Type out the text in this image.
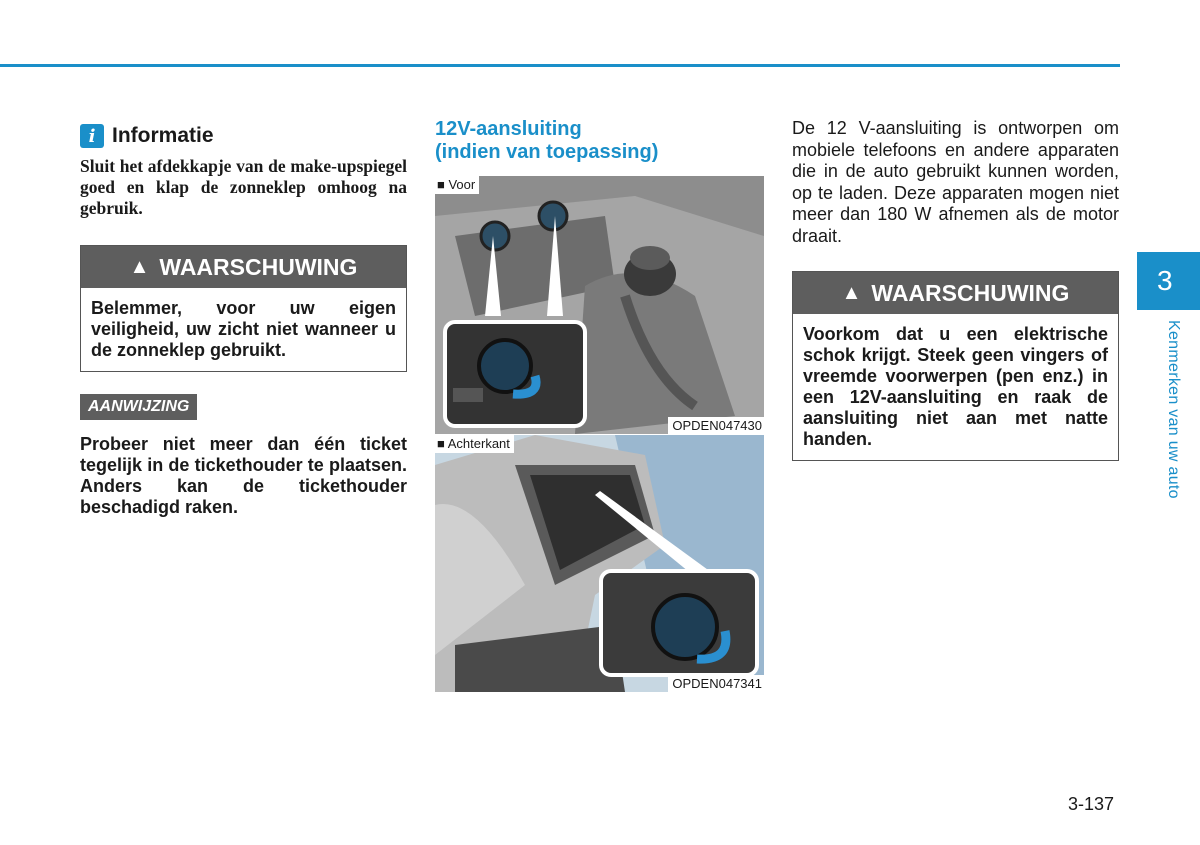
i Informatie
Sluit het afdekkapje van de make-upspiegel goed en klap de zonneklep omhoog na gebruik.
▲ WAARSCHUWING
Belemmer, voor uw eigen veiligheid, uw zicht niet wanneer u de zonneklep gebruikt.
AANWIJZING
Probeer niet meer dan één ticket tegelijk in de tickethouder te plaatsen. Anders kan de tickethouder beschadigd raken.
12V-aansluiting
(indien van toepassing)
■ Voor
OPDEN047430
■ Achterkant
OPDEN047341
De 12 V-aansluiting is ontworpen om mobiele telefoons en andere apparaten die in de auto gebruikt kunnen worden, op te laden. Deze apparaten mogen niet meer dan 180 W afnemen als de motor draait.
▲ WAARSCHUWING
Voorkom dat u een elektrische schok krijgt. Steek geen vingers of vreemde voorwerpen (pen enz.) in een 12V-aansluiting en raak de aansluiting niet aan met natte handen.
3
Kenmerken van uw auto
3-137
